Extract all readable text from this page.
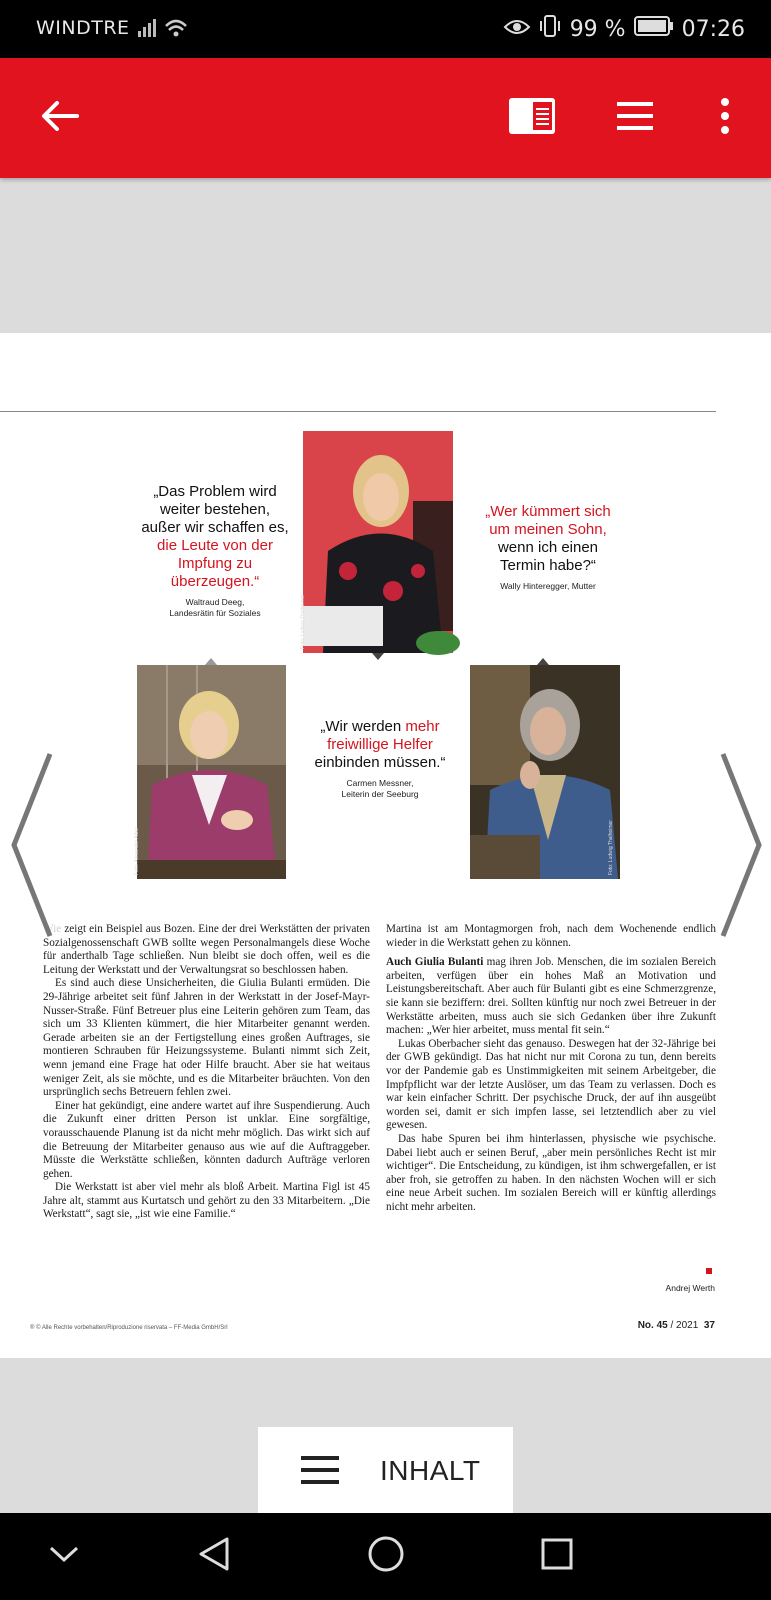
WINDTRE	99 %	07:26
Foto: Ludwig Thalheimer
„Das Problem wird weiter bestehen, außer wir schaffen es, die Leute von der Impfung zu überzeugen.“
Waltraud Deeg,
Landesrätin für Soziales
„Wer kümmert sich um meinen Sohn, wenn ich einen Termin habe?“
Wally Hinteregger, Mutter
Foto: Alexander Alber
„Wir werden mehr freiwillige Helfer einbinden müssen.“
Carmen Messner,
Leiterin der Seeburg
Foto: Ludwig Thalheimer

Wie zeigt ein Beispiel aus Bozen. Eine der drei Werkstätten der privaten Sozialgenossenschaft GWB sollte wegen Personalmangels diese Woche für anderthalb Tage schließen. Nun bleibt sie doch offen, weil es die Leitung der Werkstatt und der Verwaltungsrat so beschlossen haben.

Es sind auch diese Unsicherheiten, die Giulia Bulanti ermüden. Die 29-Jährige arbeitet seit fünf Jahren in der Werkstatt in der Josef-Mayr-Nusser-Straße. Fünf Betreuer plus eine Leiterin gehören zum Team, das sich um 33 Klienten kümmert, die hier Mitarbeiter genannt werden. Gerade arbeiten sie an der Fertigstellung eines großen Auftrages, sie montieren Schrauben für Heizungssysteme. Bulanti nimmt sich Zeit, wenn jemand eine Frage hat oder Hilfe braucht. Aber sie hat weitaus weniger Zeit, als sie möchte, und es die Mitarbeiter bräuchten. Von den ursprünglich sechs Betreuern fehlen zwei.

Einer hat gekündigt, eine andere wartet auf ihre Suspendierung. Auch die Zukunft einer dritten Person ist unklar. Eine sorgfältige, vorausschauende Planung ist da nicht mehr möglich. Das wirkt sich auf die Betreuung der Mitarbeiter genauso aus wie auf die Auftraggeber. Müsste die Werkstätte schließen, könnten dadurch Aufträge verloren gehen.

Die Werkstatt ist aber viel mehr als bloß Arbeit. Martina Figl ist 45 Jahre alt, stammt aus Kurtatsch und gehört zu den 33 Mitarbeitern. „Die Werkstatt“, sagt sie, „ist wie eine Familie.“

Martina ist am Montagmorgen froh, nach dem Wochenende endlich wieder in die Werkstatt gehen zu können.

Auch Giulia Bulanti mag ihren Job. Menschen, die im sozialen Bereich arbeiten, verfügen über ein hohes Maß an Motivation und Leistungsbereitschaft. Aber auch für Bulanti gibt es eine Schmerzgrenze, sie kann sie beziffern: drei. Sollten künftig nur noch zwei Betreuer in der Werkstätte arbeiten, muss auch sie sich Gedanken über ihre Zukunft machen: „Wer hier arbeitet, muss mental fit sein.“

Lukas Oberbacher sieht das genauso. Deswegen hat der 32-Jährige bei der GWB gekündigt. Das hat nicht nur mit Corona zu tun, denn bereits vor der Pandemie gab es Unstimmigkeiten mit seinem Arbeitgeber, die Impfpflicht war der letzte Auslöser, um das Team zu verlassen. Doch es war kein einfacher Schritt. Der psychische Druck, der auf ihn ausgeübt worden sei, damit er sich impfen lasse, sei letztendlich aber zu viel gewesen.

Das habe Spuren bei ihm hinterlassen, physische wie psychische. Dabei liebt auch er seinen Beruf, „aber mein persönliches Recht ist mir wichtiger“. Die Entscheidung, zu kündigen, ist ihm schwergefallen, er ist aber froh, sie getroffen zu haben. In den nächsten Wochen will er sich eine neue Arbeit suchen. Im sozialen Bereich will er künftig allerdings nicht mehr arbeiten.

Andrej Werth
® © Alle Rechte vorbehalten/Riproduzione riservata – FF-Media GmbH/Srl	No. 45 / 2021 37
INHALT
